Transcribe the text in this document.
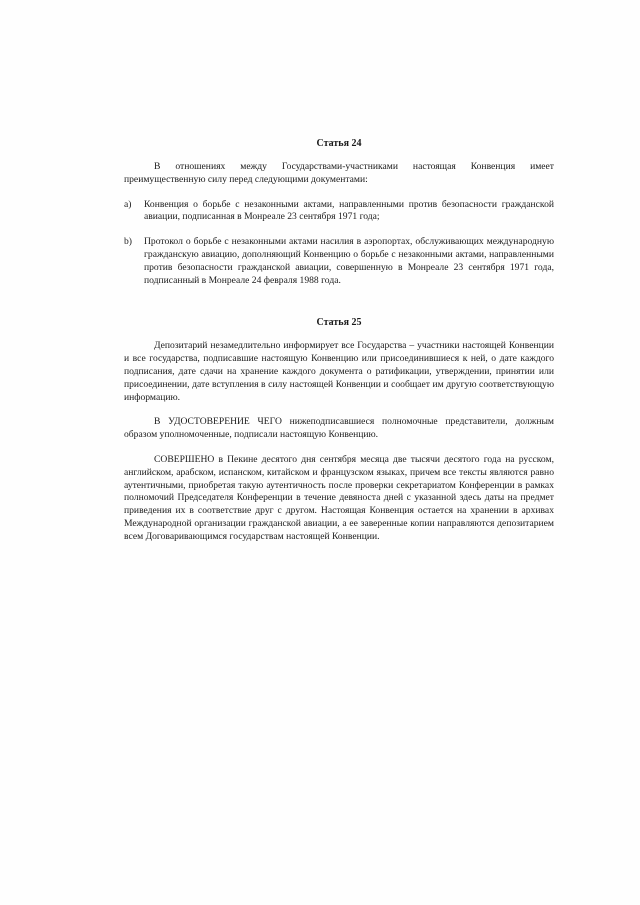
Статья 24

В отношениях между Государствами-участниками настоящая Конвенция имеет преимущественную силу перед следующими документами:

a)	Конвенция о борьбе с незаконными актами, направленными против безопасности гражданской авиации, подписанная в Монреале 23 сентября 1971 года;
b)	Протокол о борьбе с незаконными актами насилия в аэропортах, обслуживающих международную гражданскую авиацию, дополняющий Конвенцию о борьбе с незаконными актами, направленными против безопасности гражданской авиации, совершенную в Монреале 23 сентября 1971 года, подписанный в Монреале 24 февраля 1988 года.
Статья 25

Депозитарий незамедлительно информирует все Государства – участники настоящей Конвенции и все государства, подписавшие настоящую Конвенцию или присоединившиеся к ней, о дате каждого подписания, дате сдачи на хранение каждого документа о ратификации, утверждении, принятии или присоединении, дате вступления в силу настоящей Конвенции и сообщает им другую соответствующую информацию.

В УДОСТОВЕРЕНИЕ ЧЕГО нижеподписавшиеся полномочные представители, должным образом уполномоченные, подписали настоящую Конвенцию.

СОВЕРШЕНО в Пекине десятого дня сентября месяца две тысячи десятого года на русском, английском, арабском, испанском, китайском и французском языках, причем все тексты являются равно аутентичными, приобретая такую аутентичность после проверки секретариатом Конференции в рамках полномочий Председателя Конференции в течение девяноста дней с указанной здесь даты на предмет приведения их в соответствие друг с другом. Настоящая Конвенция остается на хранении в архивах Международной организации гражданской авиации, а ее заверенные копии направляются депозитарием всем Договаривающимся государствам настоящей Конвенции.
